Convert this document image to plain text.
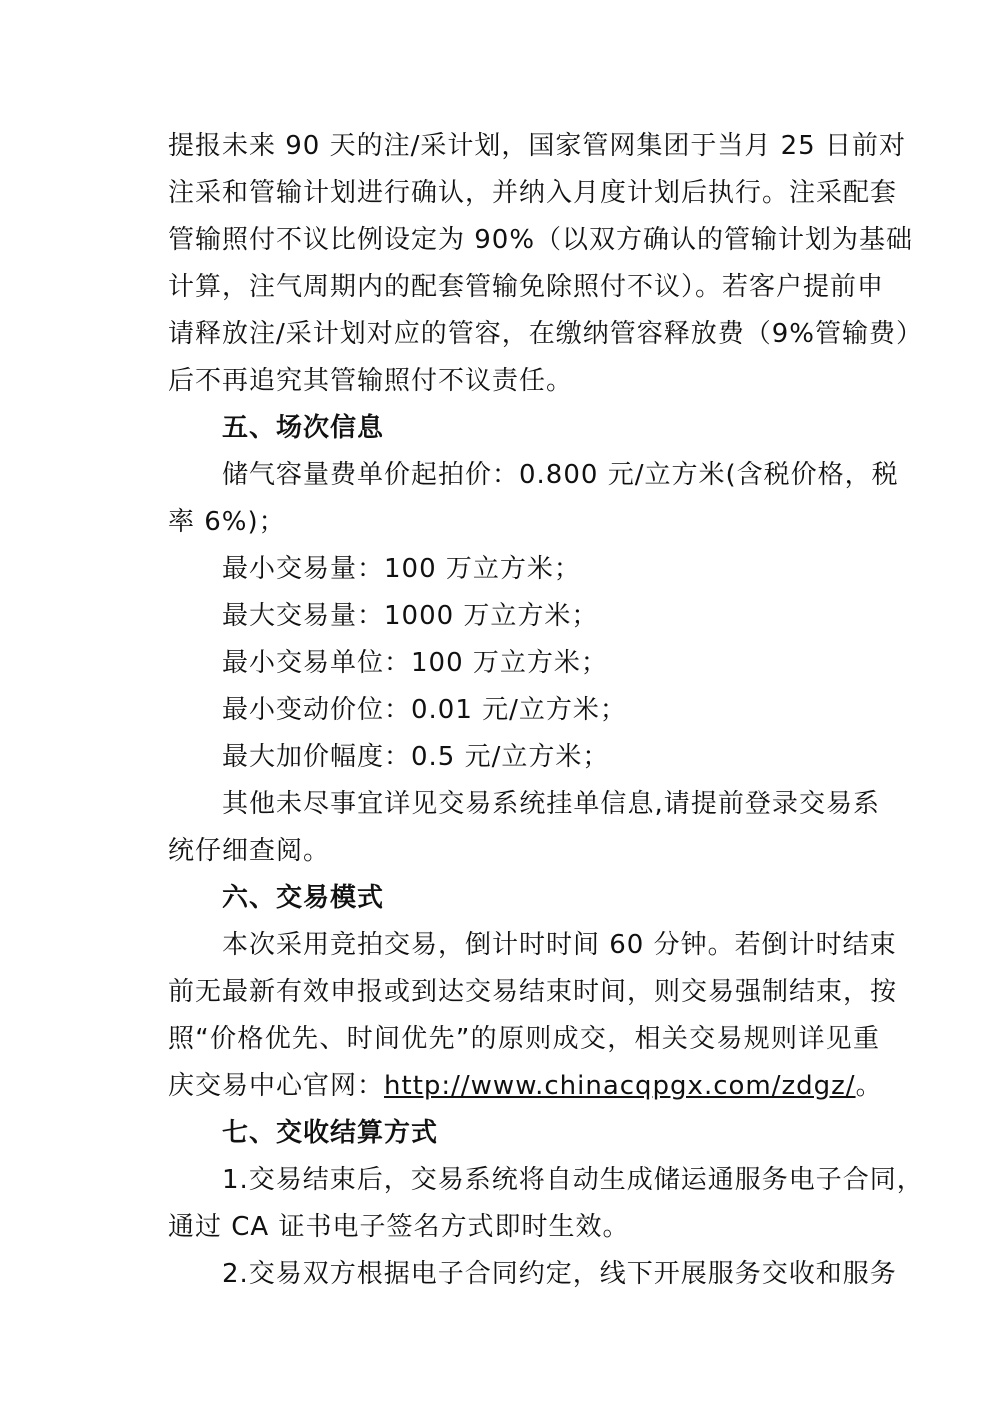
提报未来 90 天的注/采计划，国家管网集团于当月 25 日前对
注采和管输计划进行确认，并纳入月度计划后执行。注采配套
管输照付不议比例设定为 90%（以双方确认的管输计划为基础
计算，注气周期内的配套管输免除照付不议）。若客户提前申
请释放注/采计划对应的管容，在缴纳管容释放费（9%管输费）
后不再追究其管输照付不议责任。
五、场次信息
储气容量费单价起拍价：0.800 元/立方米(含税价格，税
率 6%)；
最小交易量：100 万立方米；
最大交易量：1000 万立方米；
最小交易单位：100 万立方米；
最小变动价位：0.01 元/立方米；
最大加价幅度：0.5 元/立方米；
其他未尽事宜详见交易系统挂单信息,请提前登录交易系
统仔细查阅。
六、交易模式
本次采用竞拍交易，倒计时时间 60 分钟。若倒计时结束
前无最新有效申报或到达交易结束时间，则交易强制结束，按
照“价格优先、时间优先”的原则成交，相关交易规则详见重
庆交易中心官网：http://www.chinacqpgx.com/zdgz/。
七、交收结算方式
1.交易结束后，交易系统将自动生成储运通服务电子合同，
通过 CA 证书电子签名方式即时生效。
2.交易双方根据电子合同约定，线下开展服务交收和服务
